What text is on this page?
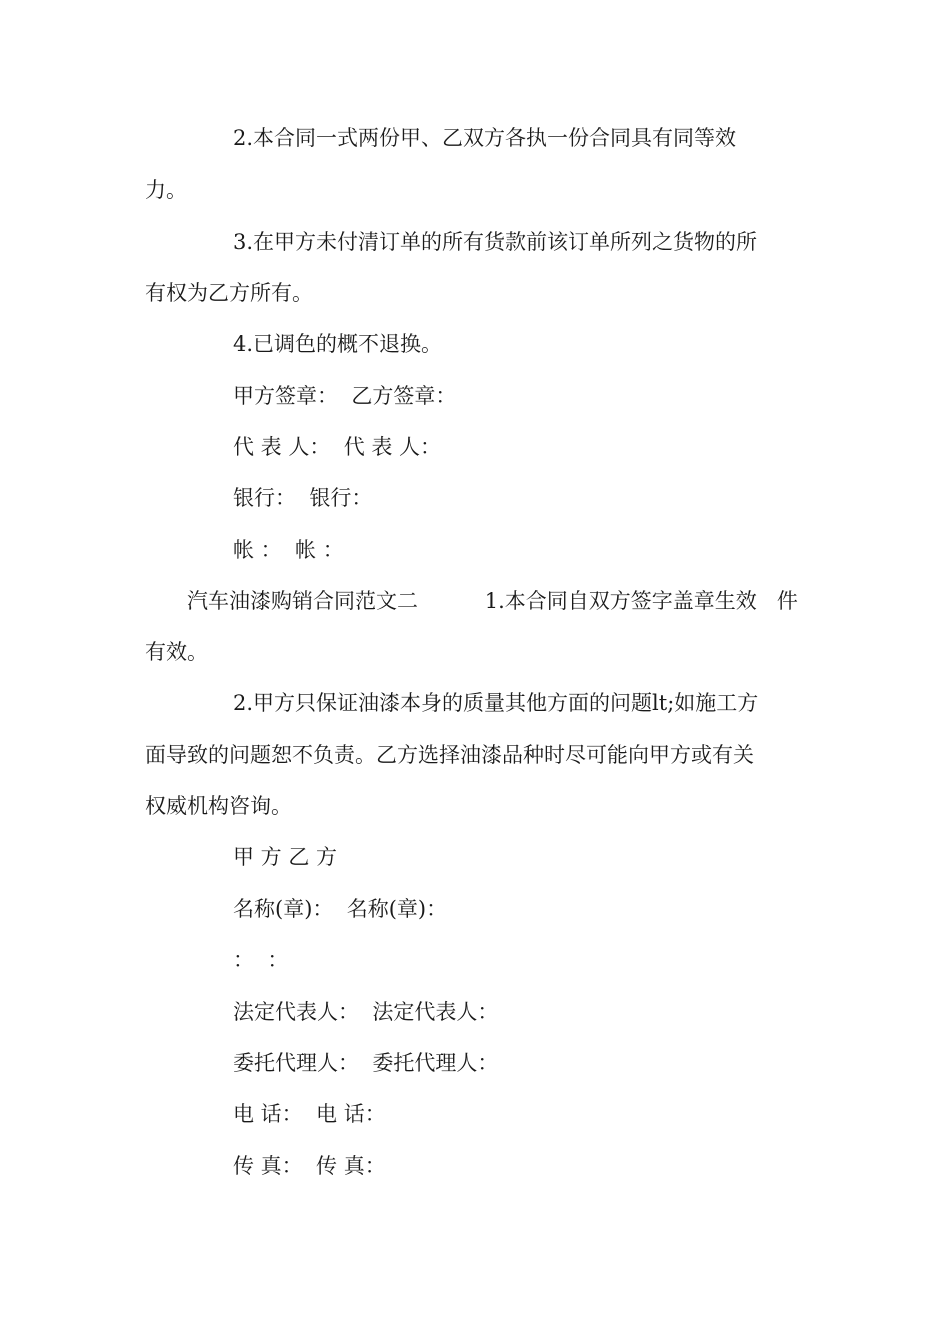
2.本合同一式两份甲、乙双方各执一份合同具有同等效

力。

3.在甲方未付清订单的所有货款前该订单所列之货物的所

有权为乙方所有。

4.已调色的概不退换。

甲方签章：  乙方签章：

代 表 人：  代 表 人：

银行：  银行：

帐 ：  帐 ：

汽车油漆购销合同范文二          1.本合同自双方签字盖章生效   件

有效。

2.甲方只保证油漆本身的质量其他方面的问题lt;如施工方

面导致的问题恕不负责。乙方选择油漆品种时尽可能向甲方或有关

权威机构咨询。

甲 方 乙 方

名称(章)：  名称(章)：

：  ：

法定代表人：  法定代表人：

委托代理人：  委托代理人：

电 话：  电 话：

传 真：  传 真：
